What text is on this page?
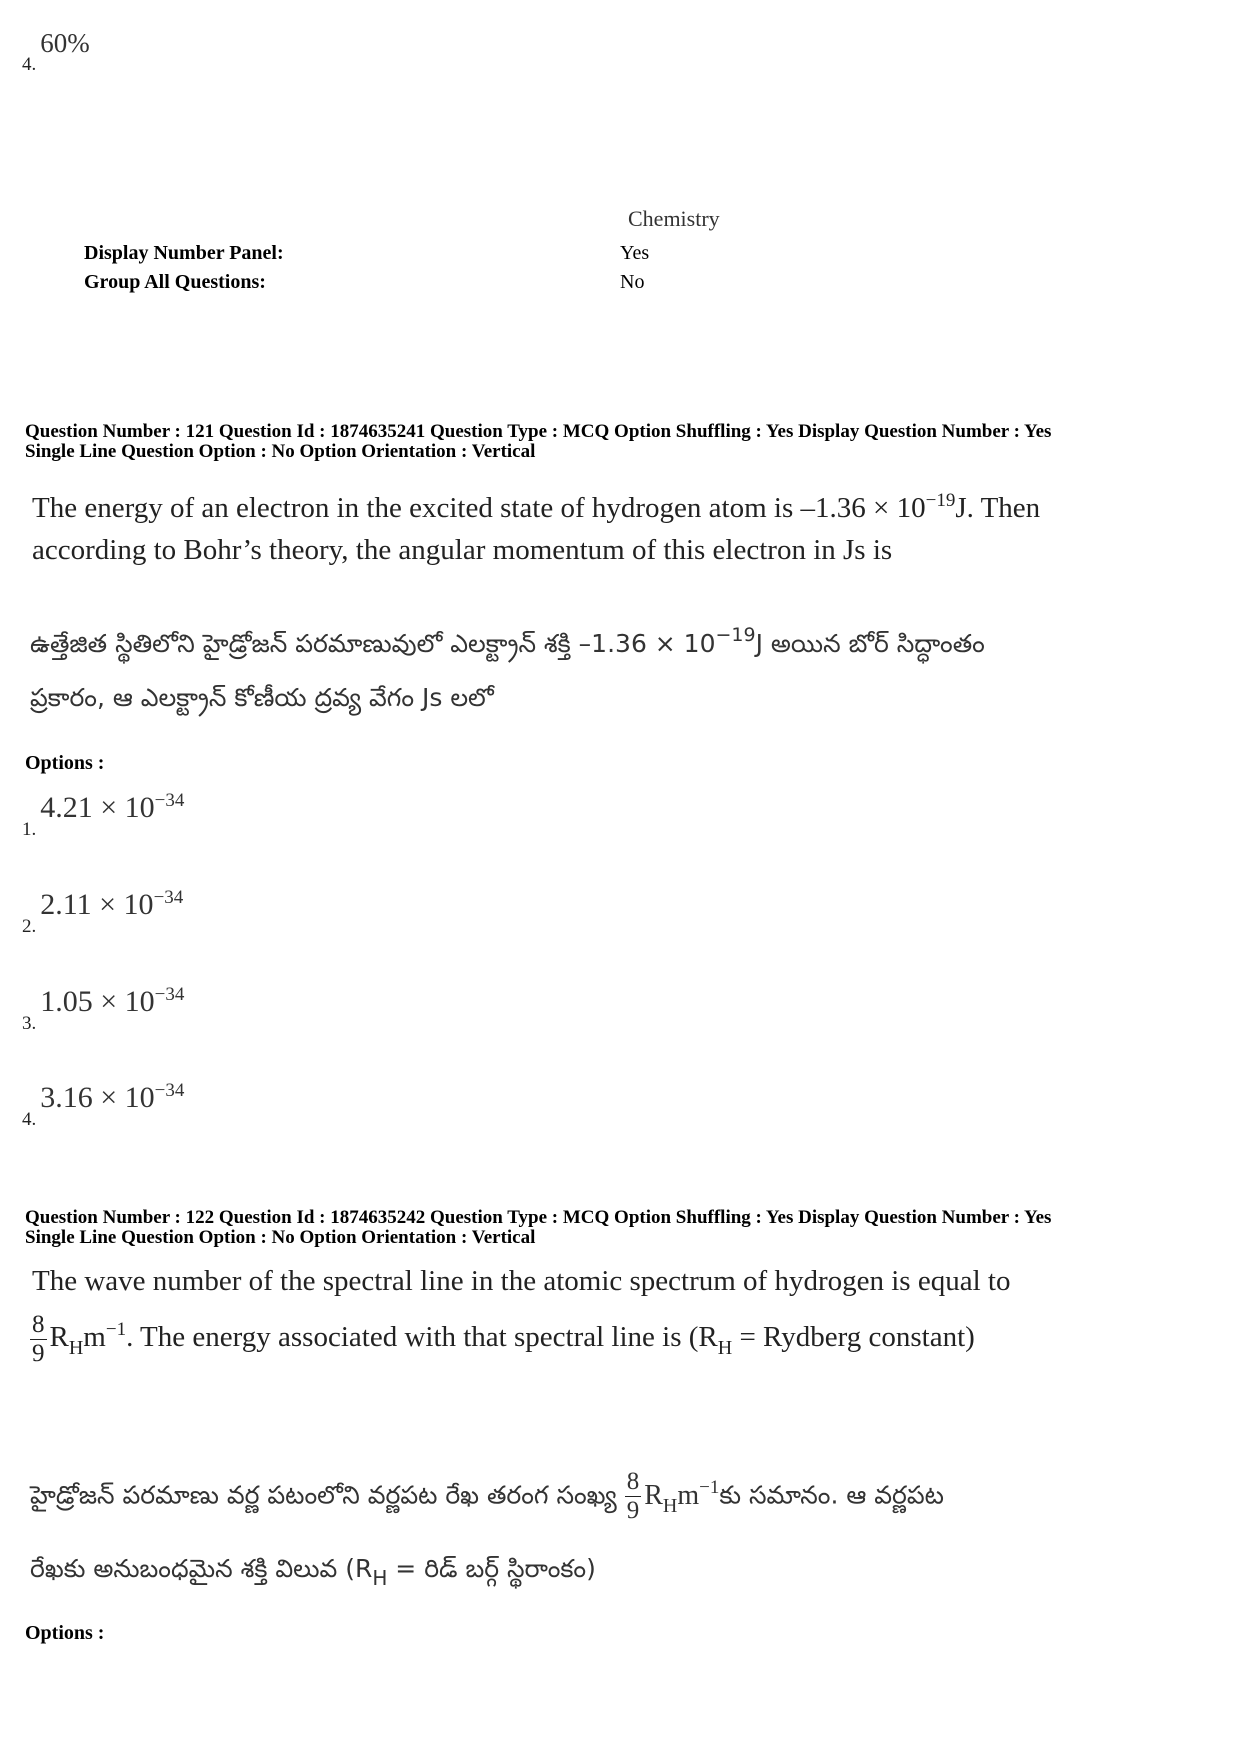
4. 60%
Chemistry
Display Number Panel:	Yes
Group All Questions:	No
Question Number : 121 Question Id : 1874635241 Question Type : MCQ Option Shuffling : Yes Display Question Number : Yes
Single Line Question Option : No Option Orientation : Vertical
The energy of an electron in the excited state of hydrogen atom is $-1.36 \times 10^{-19}J$. Then
according to Bohr’s theory, the angular momentum of this electron in Js is
ఉత్తేజిత స్థితిలోని హైడ్రోజన్ పరమాణువులో ఎలక్ట్రాన్ శక్తి $-1.36 \times 10^{-19}J$ అయిన బోర్ సిద్ధాంతం
ప్రకారం, ఆ ఎలక్ట్రాన్ కోణీయ ద్రవ్య వేగం Js లలో
Options :
1. $4.21 \times 10^{-34}$
2. $2.11 \times 10^{-34}$
3. $1.05 \times 10^{-34}$
4. $3.16 \times 10^{-34}$
Question Number : 122 Question Id : 1874635242 Question Type : MCQ Option Shuffling : Yes Display Question Number : Yes
Single Line Question Option : No Option Orientation : Vertical
The wave number of the spectral line in the atomic spectrum of hydrogen is equal to
$\frac{8}{9} R_Hm^{-1}$. The energy associated with that spectral line is ($R_H$ = Rydberg constant)
హైడ్రోజన్ పరమాణు వర్ణ పటంలోని వర్ణపట రేఖ తరంగ సంఖ్య $\frac{8}{9}$ $R_Hm^{-1}కు$ సమానం. ఆ వర్ణపట
రేఖకు అనుబంధమైన శక్తి విలువ ($R_H$ = రిడ్ బర్గ్ స్థిరాంకం)
Options :
